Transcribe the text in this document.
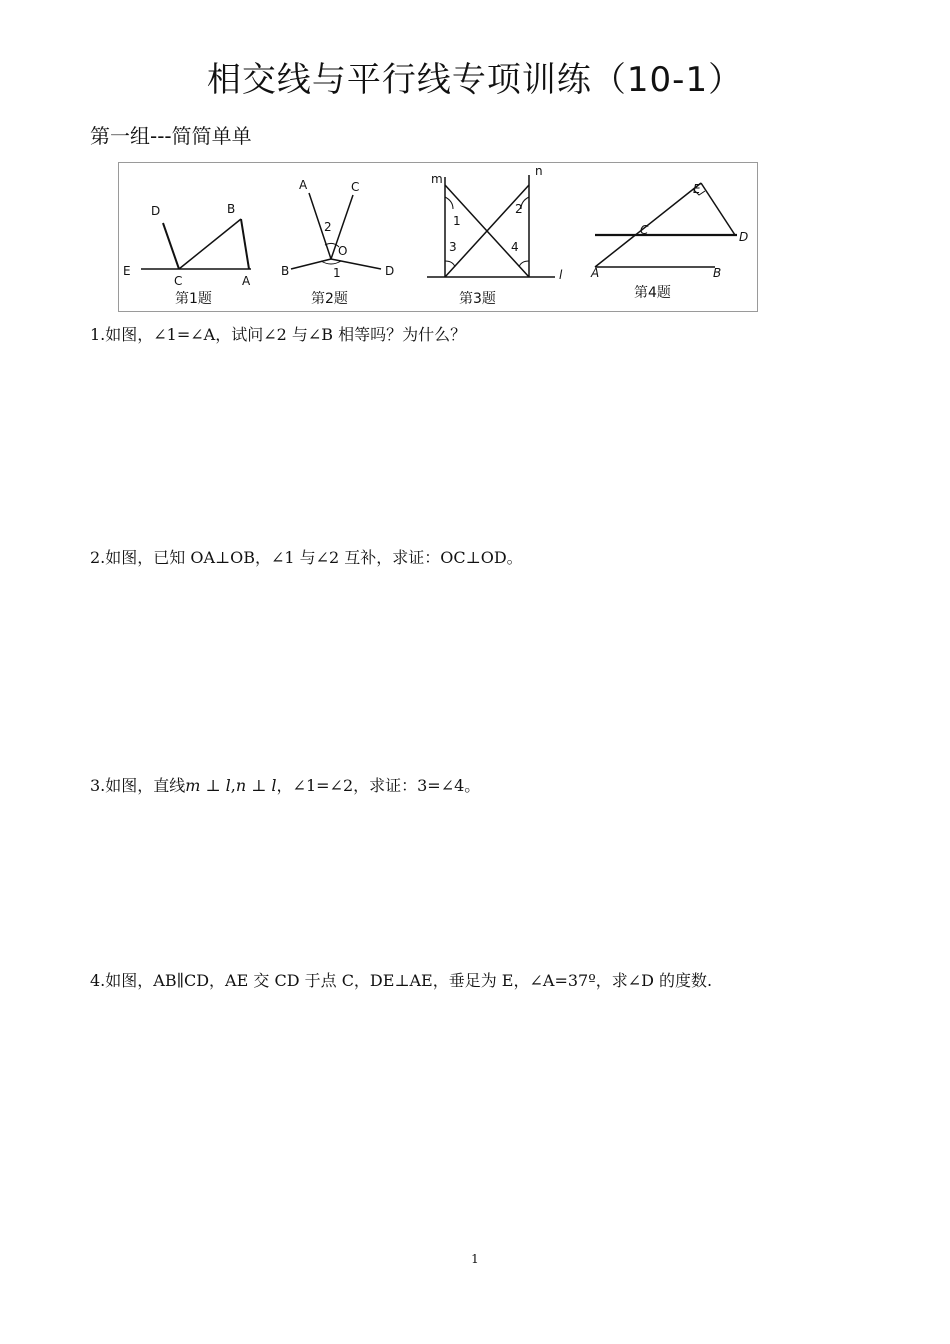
相交线与平行线专项训练（10-1）
第一组---简简单单
D	B
E
C	A
第1题
A	C
2
O
B	1	D
第2题
m
n
1
2
3	4
l
第3题
E
C	D
A	B
第4题
1.如图，∠1=∠A，试问∠2 与∠B 相等吗？为什么？
2.如图，已知 OA⊥OB，∠1 与∠2 互补，求证：OC⊥OD。
3.如图，直线m ⊥ l,n ⊥ l，∠1=∠2，求证：3=∠4。
4.如图，AB∥CD，AE 交 CD 于点 C，DE⊥AE，垂足为 E，∠A=37º，求∠D 的度数.
1
